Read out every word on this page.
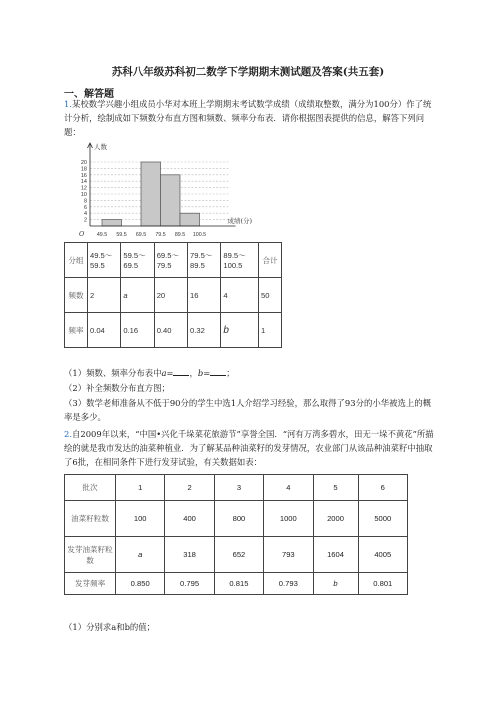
苏科八年级苏科初二数学下学期期末测试题及答案(共五套)
一、解答题
1.某校数学兴趣小组成员小华对本班上学期期末考试数学成绩（成绩取整数，满分为100分）作了统计分析，绘制成如下频数分布直方图和频数、频率分布表．请你根据图表提供的信息，解答下列问题：
20
18
16
14
12
10
8
6
4
2
49.5 59.5 69.5 79.5 89.5 100.5
O
人数
成绩(分)
分组	49.5～59.5	59.5～69.5	69.5～79.5	79.5～89.5	89.5～100.5	合计
频数	2	a	20	16	4	50
频率	0.04	0.16	0.40	0.32	b	1
（1）频数、频率分布表中a= ，b= ；
（2）补全频数分布直方图；
（3）数学老师准备从不低于90分的学生中选1人介绍学习经验，那么取得了93分的小华被选上的概率是多少。
2.自2009年以来，“中国•兴化千垛菜花旅游节”享誉全国．“河有万湾多碧水，田无一垛不黄花”所描绘的就是我市发达的油菜种植业．为了解某品种油菜籽的发芽情况，农业部门从该品种油菜籽中抽取了6批，在相同条件下进行发芽试验，有关数据如表：
批次	1	2	3	4	5	6
油菜籽粒数	100	400	800	1000	2000	5000
发芽油菜籽粒数	a	318	652	793	1604	4005
发芽频率	0.850	0.795	0.815	0.793	b	0.801
（1）分别求a和b的值；
